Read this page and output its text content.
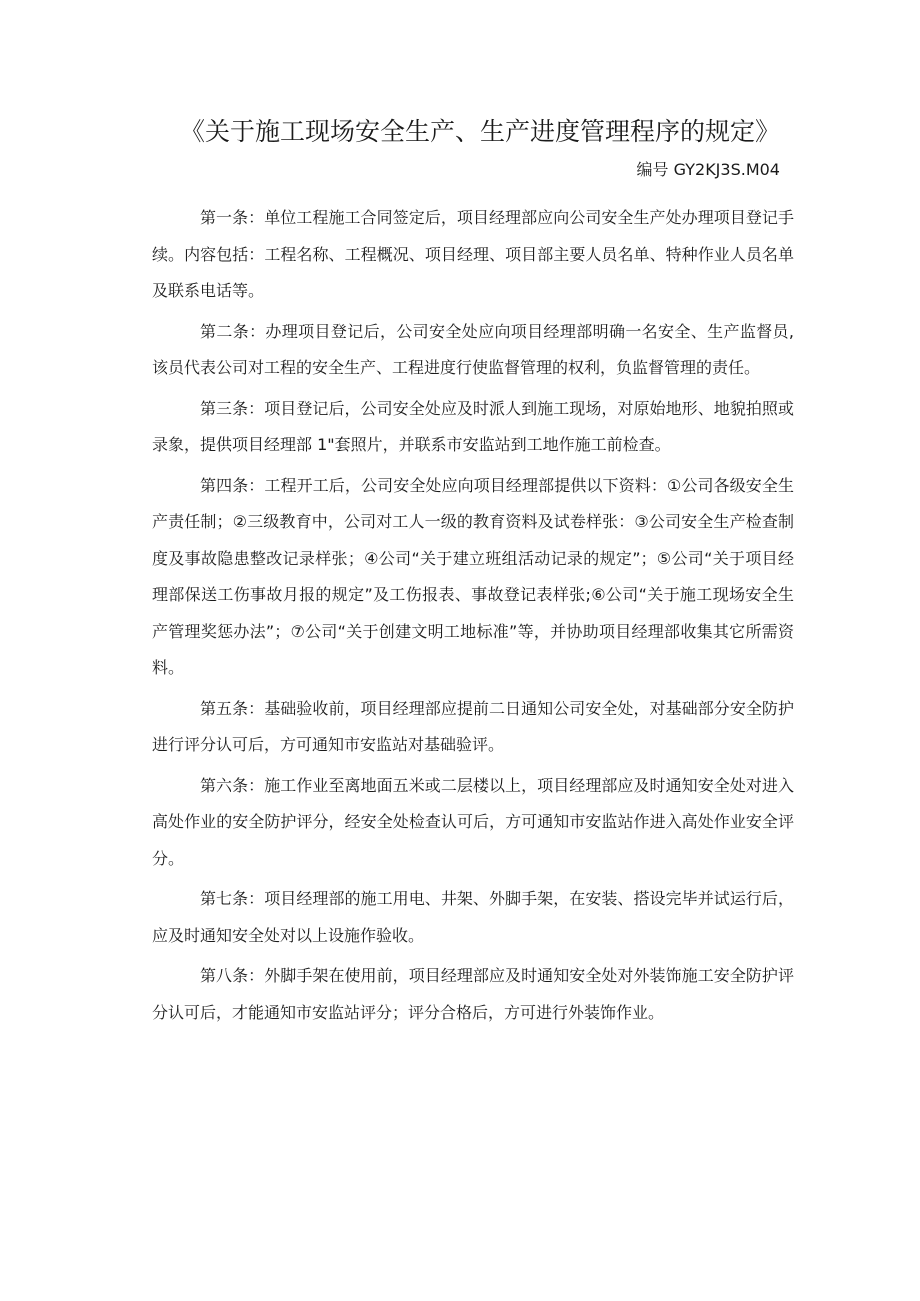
《关于施工现场安全生产、生产进度管理程序的规定》
编号 GY2KJ3S.M04

第一条：单位工程施工合同签定后，项目经理部应向公司安全生产处办理项目登记手续。内容包括：工程名称、工程概况、项目经理、项目部主要人员名单、特种作业人员名单及联系电话等。

第二条：办理项目登记后，公司安全处应向项目经理部明确一名安全、生产监督员,该员代表公司对工程的安全生产、工程进度行使监督管理的权利，负监督管理的责任。

第三条：项目登记后，公司安全处应及时派人到施工现场，对原始地形、地貌拍照或录象，提供项目经理部 1"套照片，并联系市安监站到工地作施工前检查。

第四条：工程开工后，公司安全处应向项目经理部提供以下资料：①公司各级安全生产责任制；②三级教育中，公司对工人一级的教育资料及试卷样张：③公司安全生产检查制度及事故隐患整改记录样张；④公司“关于建立班组活动记录的规定”；⑤公司“关于项目经理部保送工伤事故月报的规定”及工伤报表、事故登记表样张;⑥公司“关于施工现场安全生产管理奖惩办法”；⑦公司“关于创建文明工地标准”等，并协助项目经理部收集其它所需资料。

第五条：基础验收前，项目经理部应提前二日通知公司安全处，对基础部分安全防护进行评分认可后，方可通知市安监站对基础验评。

第六条：施工作业至离地面五米或二层楼以上，项目经理部应及时通知安全处对进入高处作业的安全防护评分，经安全处检查认可后，方可通知市安监站作进入高处作业安全评分。

第七条：项目经理部的施工用电、井架、外脚手架，在安装、搭设完毕并试运行后，应及时通知安全处对以上设施作验收。

第八条：外脚手架在使用前，项目经理部应及时通知安全处对外装饰施工安全防护评分认可后，才能通知市安监站评分；评分合格后，方可进行外装饰作业。
